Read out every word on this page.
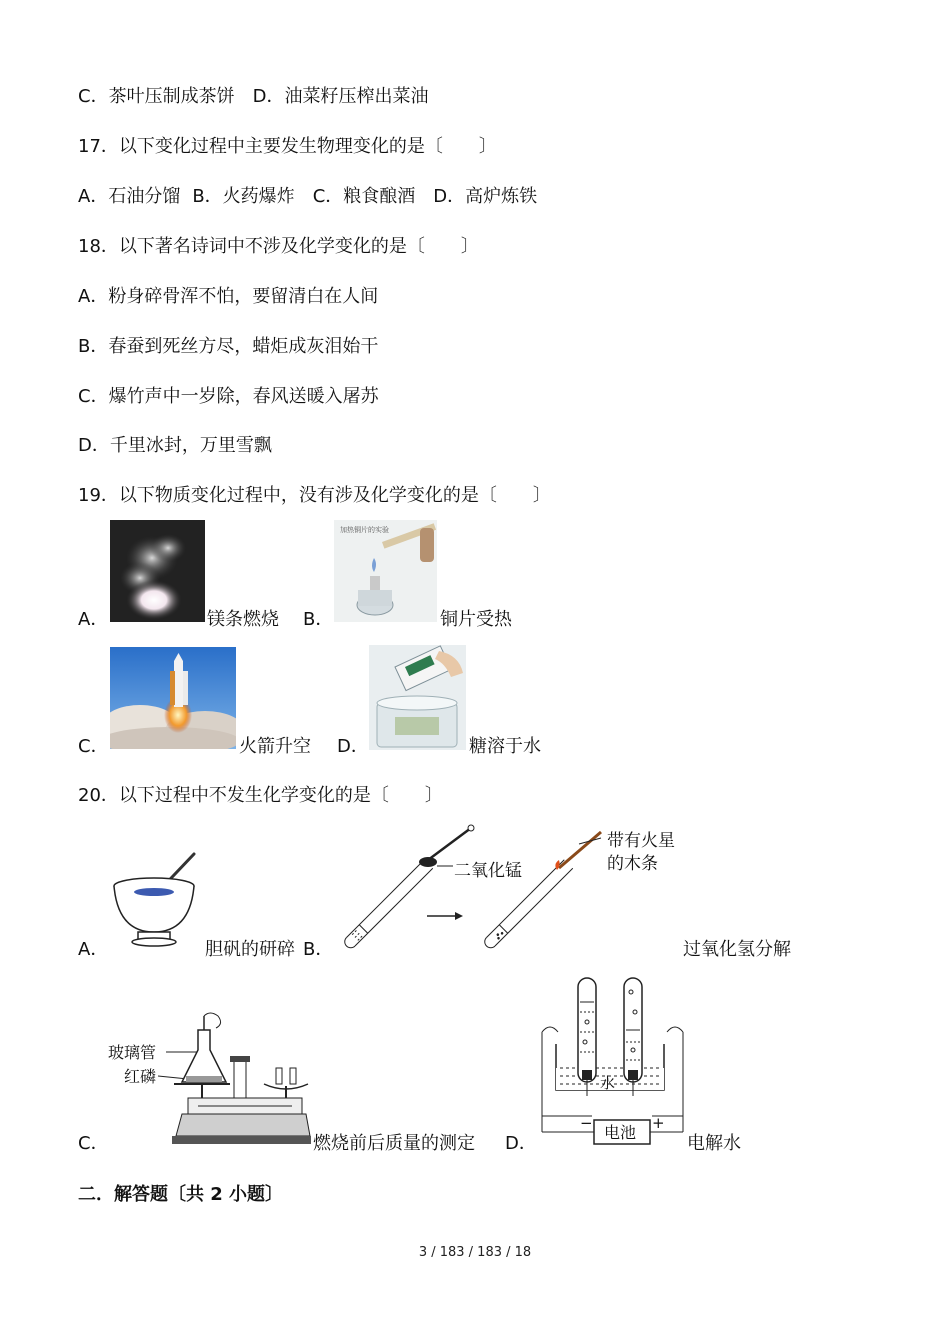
C．茶叶压制成茶饼 D．油菜籽压榨出菜油
17．以下变化过程中主要发生物理变化的是〔　　〕
A．石油分馏 B．火药爆炸 C．粮食酿酒 D．高炉炼铁
18．以下著名诗词中不涉及化学变化的是〔　　〕
A．粉身碎骨浑不怕，要留清白在人间
B．春蚕到死丝方尽，蜡炬成灰泪始干
C．爆竹声中一岁除，春风送暖入屠苏
D．千里冰封，万里雪飘
19．以下物质变化过程中，没有涉及化学变化的是〔　　〕
A．	镁条燃烧 B．
加热铜片的实验
铜片受热
C．	火箭升空 D．	糖溶于水
20．以下过程中不发生化学变化的是〔　　〕
A．	胆矾的研碎 B．
二氧化锰
带有火星
的木条
过氧化氢分解
C．
玻璃管
红磷
燃烧前后质量的测定 D．
水
电池
−	+
电解水
二．解答题〔共 2 小题〕
3 / 183 / 183 / 18
